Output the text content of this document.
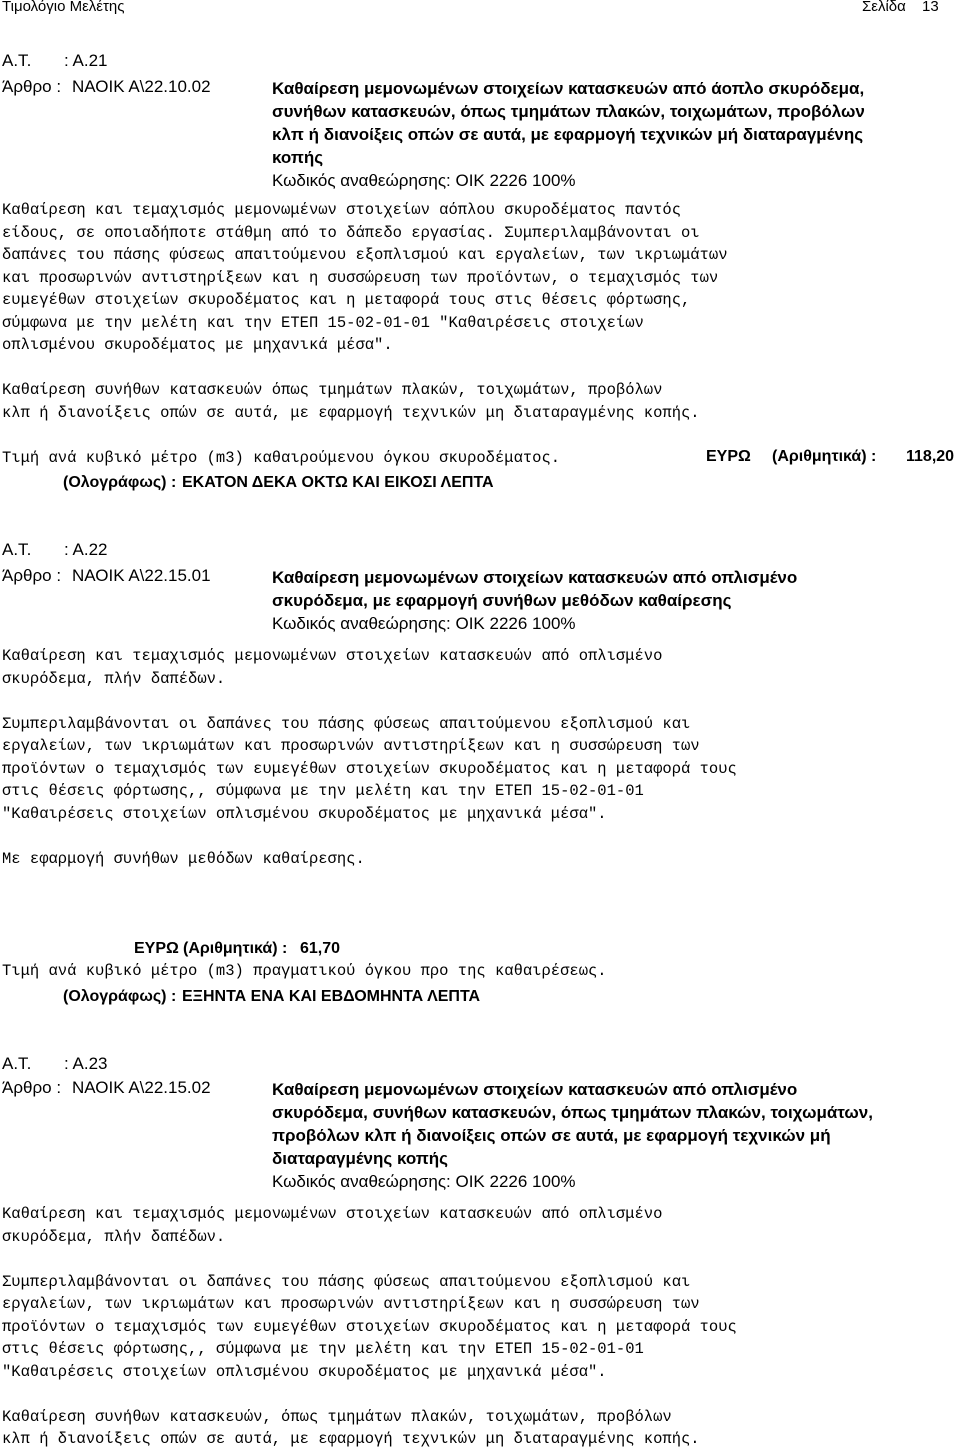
Τιμολόγιο Μελέτης	Σελίδα 13
Α.Τ. : Α.21
Άρθρο : ΝΑΟΙΚ Α\22.10.02	Καθαίρεση μεμονωμένων στοιχείων κατασκευών από άοπλο σκυρόδεμα,
συνήθων κατασκευών, όπως τμημάτων πλακών, τοιχωμάτων, προβόλων
κλπ ή διανοίξεις οπών σε αυτά, με εφαρμογή τεχνικών μή διαταραγμένης
κοπής
Κωδικός αναθεώρησης: ΟΙΚ 2226 100%
Καθαίρεση και τεμαχισμός μεμονωμένων στοιχείων αόπλου σκυροδέματος παντός
είδους, σε οποιαδήποτε στάθμη από το δάπεδο εργασίας. Συμπεριλαμβάνονται οι
δαπάνες του πάσης φύσεως απαιτούμενου εξοπλισμού και εργαλείων, των ικριωμάτων
και προσωρινών αντιστηρίξεων και η συσσώρευση των προϊόντων, ο τεμαχισμός των
ευμεγέθων στοιχείων σκυροδέματος και η μεταφορά τους στις θέσεις φόρτωσης,
σύμφωνα με την μελέτη και την ΕΤΕΠ 15-02-01-01 "Καθαιρέσεις στοιχείων
οπλισμένου σκυροδέματος με μηχανικά μέσα".
Καθαίρεση συνήθων κατασκευών όπως τμημάτων πλακών, τοιχωμάτων, προβόλων
κλπ ή διανοίξεις οπών σε αυτά, με εφαρμογή τεχνικών μη διαταραγμένης κοπής.
Τιμή ανά κυβικό μέτρο (m3) καθαιρούμενου όγκου σκυροδέματος.	ΕΥΡΩ (Αριθμητικά) : 118,20
(Ολογράφως) : ΕΚΑΤΟΝ ΔΕΚΑ ΟΚΤΩ ΚΑΙ ΕΙΚΟΣΙ ΛΕΠΤΑ
Α.Τ. : Α.22
Άρθρο : ΝΑΟΙΚ Α\22.15.01	Καθαίρεση μεμονωμένων στοιχείων κατασκευών από οπλισμένο
σκυρόδεμα, με εφαρμογή συνήθων μεθόδων καθαίρεσης
Κωδικός αναθεώρησης: ΟΙΚ 2226 100%
Καθαίρεση και τεμαχισμός μεμονωμένων στοιχείων κατασκευών από οπλισμένο
σκυρόδεμα, πλήν δαπέδων.
Συμπεριλαμβάνονται οι δαπάνες του πάσης φύσεως απαιτούμενου εξοπλισμού και
εργαλείων, των ικριωμάτων και προσωρινών αντιστηρίξεων και η συσσώρευση των
προϊόντων ο τεμαχισμός των ευμεγέθων στοιχείων σκυροδέματος και η μεταφορά τους
στις θέσεις φόρτωσης,, σύμφωνα με την μελέτη και την ΕΤΕΠ 15-02-01-01
"Καθαιρέσεις στοιχείων οπλισμένου σκυροδέματος με μηχανικά μέσα".
Με εφαρμογή συνήθων μεθόδων καθαίρεσης.
ΕΥΡΩ (Αριθμητικά) : 61,70
Τιμή ανά κυβικό μέτρο (m3) πραγματικού όγκου προ της καθαιρέσεως.
(Ολογράφως) : ΕΞΗΝΤΑ ΕΝΑ ΚΑΙ ΕΒΔΟΜΗΝΤΑ ΛΕΠΤΑ
Α.Τ. : Α.23
Άρθρο : ΝΑΟΙΚ Α\22.15.02	Καθαίρεση μεμονωμένων στοιχείων κατασκευών από οπλισμένο
σκυρόδεμα, συνήθων κατασκευών, όπως τμημάτων πλακών, τοιχωμάτων,
προβόλων κλπ ή διανοίξεις οπών σε αυτά, με εφαρμογή τεχνικών μή
διαταραγμένης κοπής
Κωδικός αναθεώρησης: ΟΙΚ 2226 100%
Καθαίρεση και τεμαχισμός μεμονωμένων στοιχείων κατασκευών από οπλισμένο
σκυρόδεμα, πλήν δαπέδων.
Συμπεριλαμβάνονται οι δαπάνες του πάσης φύσεως απαιτούμενου εξοπλισμού και
εργαλείων, των ικριωμάτων και προσωρινών αντιστηρίξεων και η συσσώρευση των
προϊόντων ο τεμαχισμός των ευμεγέθων στοιχείων σκυροδέματος και η μεταφορά τους
στις θέσεις φόρτωσης,, σύμφωνα με την μελέτη και την ΕΤΕΠ 15-02-01-01
"Καθαιρέσεις στοιχείων οπλισμένου σκυροδέματος με μηχανικά μέσα".
Καθαίρεση συνήθων κατασκευών, όπως τμημάτων πλακών, τοιχωμάτων, προβόλων
κλπ ή διανοίξεις οπών σε αυτά, με εφαρμογή τεχνικών μη διαταραγμένης κοπής.
